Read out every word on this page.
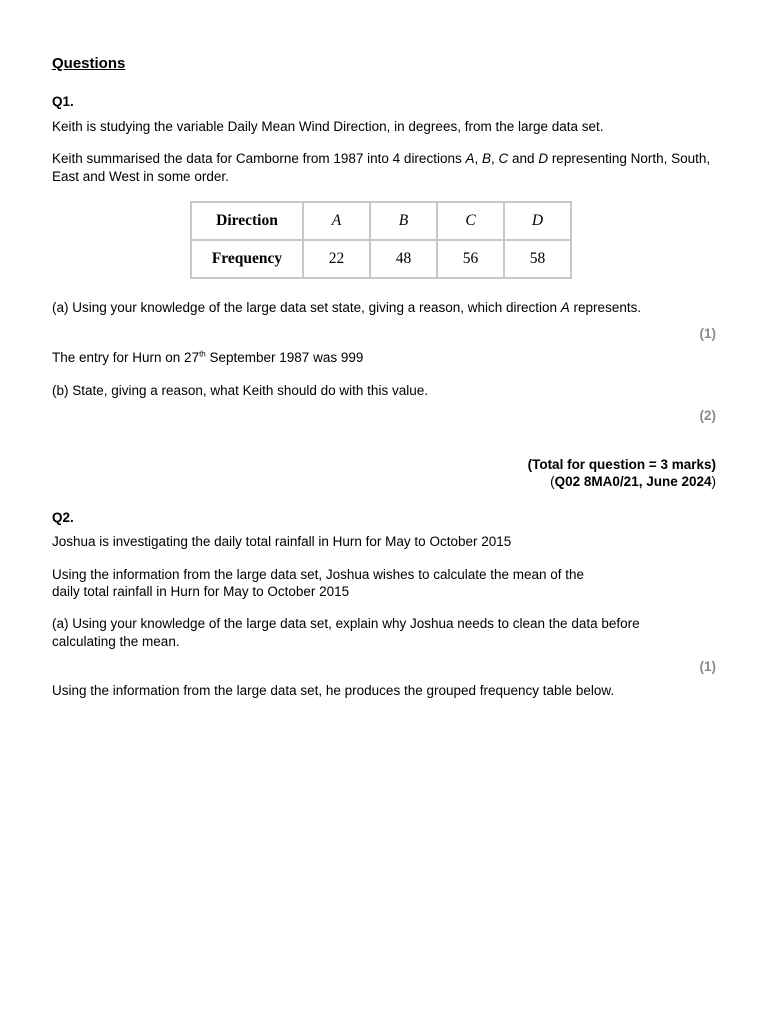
Questions
Q1.
Keith is studying the variable Daily Mean Wind Direction, in degrees, from the large data set.
Keith summarised the data for Camborne from 1987 into 4 directions A, B, C and D representing North, South, East and West in some order.
Direction	A	B	C	D
Frequency	22	48	56	58
(a) Using your knowledge of the large data set state, giving a reason, which direction A represents.
(1)
The entry for Hurn on 27th September 1987 was 999
(b) State, giving a reason, what Keith should do with this value.
(2)
(Total for question = 3 marks)
(Q02 8MA0/21, June 2024)
Q2.
Joshua is investigating the daily total rainfall in Hurn for May to October 2015
Using the information from the large data set, Joshua wishes to calculate the mean of the
daily total rainfall in Hurn for May to October 2015
(a) Using your knowledge of the large data set, explain why Joshua needs to clean the data before
calculating the mean.
(1)
Using the information from the large data set, he produces the grouped frequency table below.
